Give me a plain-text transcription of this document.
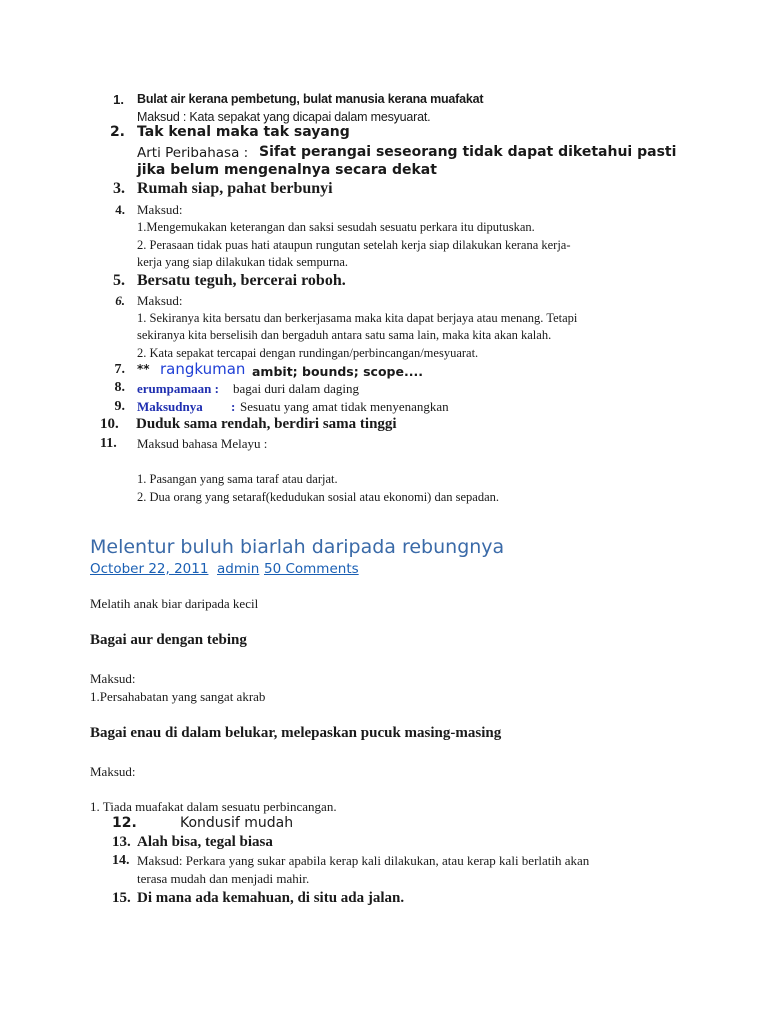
1. Bulat air kerana pembetung, bulat manusia kerana muafakat
Maksud : Kata sepakat yang dicapai dalam mesyuarat.
2. Tak kenal maka tak sayang
Arti Peribahasa : Sifat perangai seseorang tidak dapat diketahui pasti
jika belum mengenalnya secara dekat
3. Rumah siap, pahat berbunyi
4. Maksud:
1.Mengemukakan keterangan dan saksi sesudah sesuatu perkara itu diputuskan.
2. Perasaan tidak puas hati ataupun rungutan setelah kerja siap dilakukan kerana kerja-
kerja yang siap dilakukan tidak sempurna.
5. Bersatu teguh, bercerai roboh.
6. Maksud:
1. Sekiranya kita bersatu dan berkerjasama maka kita dapat berjaya atau menang. Tetapi
sekiranya kita berselisih dan bergaduh antara satu sama lain, maka kita akan kalah.
2. Kata sepakat tercapai dengan rundingan/perbincangan/mesyuarat.
7. ** rangkuman ambit; bounds; scope....
8. erumpamaan : bagai duri dalam daging
9. Maksudnya : Sesuatu yang amat tidak menyenangkan
10.	Duduk sama rendah, berdiri sama tinggi
11.	Maksud bahasa Melayu :
1. Pasangan yang sama taraf atau darjat.
2. Dua orang yang setaraf(kedudukan sosial atau ekonomi) dan sepadan.
Melentur buluh biarlah daripada rebungnya
October 22, 2011 admin 50 Comments
Melatih anak biar daripada kecil
Bagai aur dengan tebing
Maksud:
1.Persahabatan yang sangat akrab
Bagai enau di dalam belukar, melepaskan pucuk masing-masing
Maksud:
1. Tiada muafakat dalam sesuatu perbincangan.
12.	Kondusif mudah
13. Alah bisa, tegal biasa
14. Maksud: Perkara yang sukar apabila kerap kali dilakukan, atau kerap kali berlatih akan
terasa mudah dan menjadi mahir.
15. Di mana ada kemahuan, di situ ada jalan.
